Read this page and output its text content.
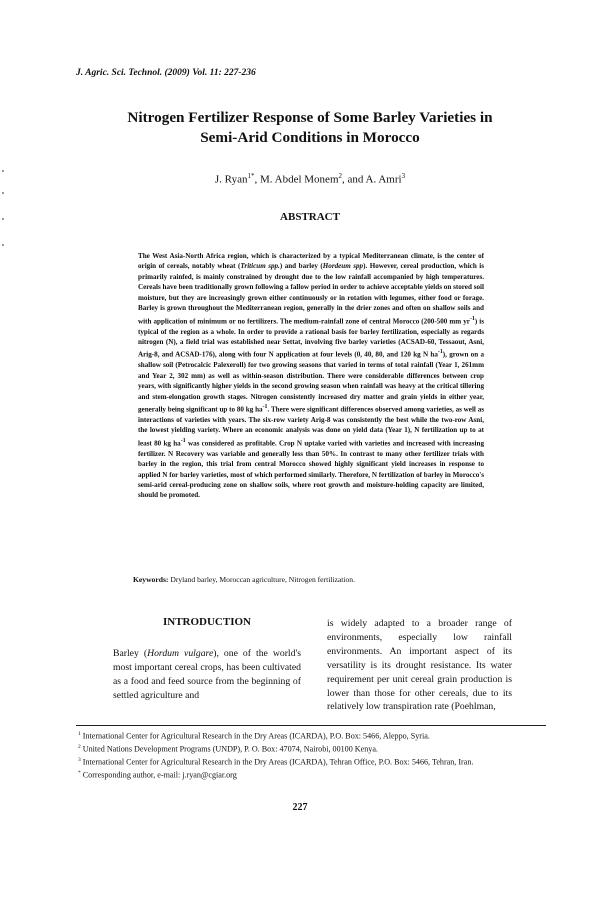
J. Agric. Sci. Technol. (2009) Vol. 11: 227-236
Nitrogen Fertilizer Response of Some Barley Varieties in
Semi-Arid Conditions in Morocco
J. Ryan$^{1*}$, M. Abdel Monem$^2$, and A. Amri$^3$
ABSTRACT
The West Asia-North Africa region, which is characterized by a typical Mediterranean climate, is the center of origin of cereals, notably wheat (Triticum spp.) and barley (Hordeum spp). However, cereal production, which is primarily rainfed, is mainly constrained by drought due to the low rainfall accompanied by high temperatures. Cereals have been traditionally grown following a fallow period in order to achieve acceptable yields on stored soil moisture, but they are increasingly grown either continuously or in rotation with legumes, either food or forage. Barley is grown throughout the Mediterranean region, generally in the drier zones and often on shallow soils and with application of minimum or no fertilizers. The medium-rainfall zone of central Morocco (200-500 mm $yr^{-1}$) is typical of the region as a whole. In order to provide a rational basis for barley fertilization, especially as regards nitrogen (N), a field trial was established near Settat, involving five barley varieties (ACSAD-60, Tessaout, Asni, Arig-8, and ACSAD-176), along with four N application at four levels (0, 40, 80, and 120 kg N $ha^{-1}$), grown on a shallow soil (Petrocalcic Palexeroll) for two growing seasons that varied in terms of total rainfall (Year 1, 261mm and Year 2, 302 mm) as well as within-season distribution. There were considerable differences between crop years, with significantly higher yields in the second growing season when rainfall was heavy at the critical tillering and stem-elongation growth stages. Nitrogen consistently increased dry matter and grain yields in either year, generally being significant up to 80 kg $ha^{-1}$. There were significant differences observed among varieties, as well as interactions of varieties with years. The six-row variety Arig-8 was consistently the best while the two-row Asni, the lowest yielding variety. Where an economic analysis was done on yield data (Year 1), N fertilization up to at least 80 kg $ha^{-1}$ was considered as profitable. Crop N uptake varied with varieties and increased with increasing fertilizer. N Recovery was variable and generally less than 50%. In contrast to many other fertilizer trials with barley in the region, this trial from central Morocco showed highly significant yield increases in response to applied N for barley varieties, most of which performed similarly. Therefore, N fertilization of barley in Morocco's semi-arid cereal-producing zone on shallow soils, where root growth and moisture-holding capacity are limited, should be promoted.
Keywords: Dryland barley, Moroccan agriculture, Nitrogen fertilization.
INTRODUCTION
Barley (Hordum vulgare), one of the world's most important cereal crops, has been cultivated as a food and feed source from the beginning of settled agriculture and
is widely adapted to a broader range of environments, especially low rainfall environments. An important aspect of its versatility is its drought resistance. Its water requirement per unit cereal grain production is lower than those for other cereals, due to its relatively low transpiration rate (Poehlman,

$^1$ International Center for Agricultural Research in the Dry Areas (ICARDA), P.O. Box: 5466, Aleppo, Syria.

$^2$ United Nations Development Programs (UNDP), P. O. Box: 47074, Nairobi, 00100 Kenya.

$^3$ International Center for Agricultural Research in the Dry Areas (ICARDA), Tehran Office, P.O. Box: 5466, Tehran, Iran.

* Corresponding author, e-mail: j.ryan@cgiar.org

227
